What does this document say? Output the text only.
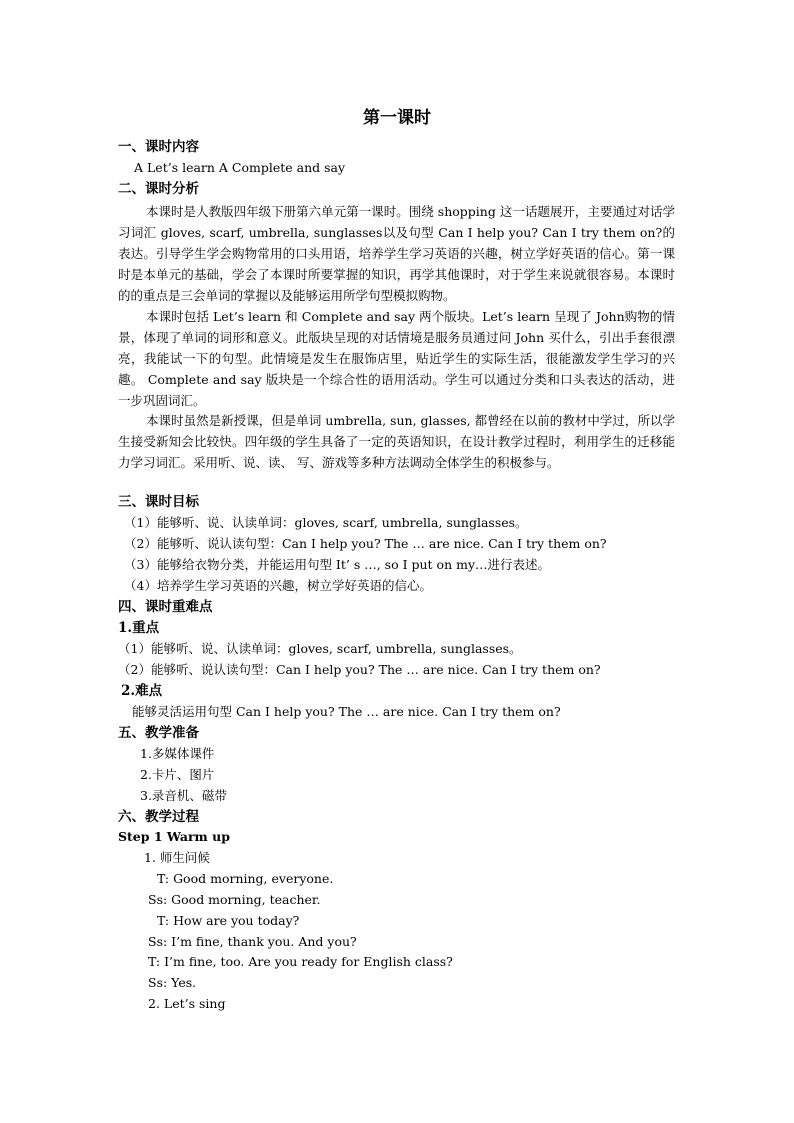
第一课时
一、课时内容
A Let’s learn A Complete and say
二、课时分析
本课时是人教版四年级下册第六单元第一课时。围绕 shopping 这一话题展开，主要通过对话学习词汇 gloves, scarf, umbrella, sunglasses以及句型 Can I help you? Can I try them on?的表达。引导学生学会购物常用的口头用语，培养学生学习英语的兴趣，树立学好英语的信心。第一课时是本单元的基础，学会了本课时所要掌握的知识，再学其他课时，对于学生来说就很容易。本课时的的重点是三会单词的掌握以及能够运用所学句型模拟购物。
本课时包括 Let’s learn 和 Complete and say 两个版块。Let’s learn 呈现了 John购物的情景，体现了单词的词形和意义。此版块呈现的对话情境是服务员通过问 John 买什么，引出手套很漂亮，我能试一下的句型。此情境是发生在服饰店里，贴近学生的实际生活，很能激发学生学习的兴趣。 Complete and say 版块是一个综合性的语用活动。学生可以通过分类和口头表达的活动，进一步巩固词汇。
本课时虽然是新授课，但是单词 umbrella, sun, glasses, 都曾经在以前的教材中学过，所以学生接受新知会比较快。四年级的学生具备了一定的英语知识，在设计教学过程时，利用学生的迁移能力学习词汇。采用听、说、读、 写、游戏等多种方法调动全体学生的积极参与。
三、课时目标
（1）能够听、说、认读单词：gloves, scarf, umbrella, sunglasses。
（2）能够听、说认读句型：Can I help you? The … are nice. Can I try them on?
（3）能够给衣物分类，并能运用句型 It’ s …, so I put on my…进行表述。
（4）培养学生学习英语的兴趣，树立学好英语的信心。
四、课时重难点
1.重点
（1）能够听、说、认读单词：gloves, scarf, umbrella, sunglasses。
（2）能够听、说认读句型：Can I help you? The … are nice. Can I try them on?
2.难点
能够灵活运用句型 Can I help you? The … are nice. Can I try them on?
五、教学准备
1.多媒体课件
2.卡片、图片
3.录音机、磁带
六、教学过程
Step 1 Warm up
1. 师生问候
T: Good morning, everyone.
Ss: Good morning, teacher.
T: How are you today?
Ss: I’m fine, thank you. And you?
T: I’m fine, too. Are you ready for English class?
Ss: Yes.
2. Let’s sing
